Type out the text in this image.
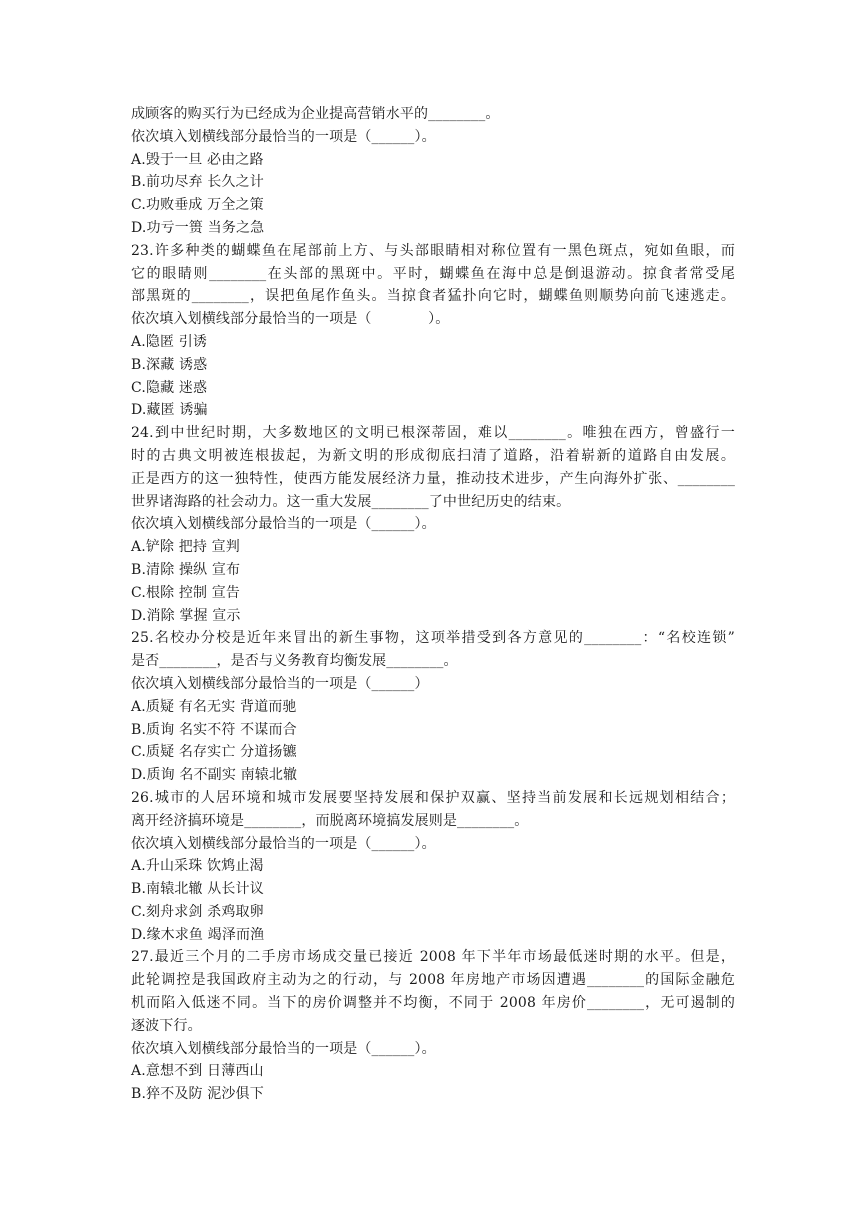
成顾客的购买行为已经成为企业提高营销水平的________。
依次填入划横线部分最恰当的一项是（______）。
A.毁于一旦 必由之路
B.前功尽弃 长久之计
C.功败垂成 万全之策
D.功亏一篑 当务之急
23.许多种类的蝴蝶鱼在尾部前上方、与头部眼睛相对称位置有一黑色斑点，宛如鱼眼，而
它的眼睛则________在头部的黑斑中。平时，蝴蝶鱼在海中总是倒退游动。掠食者常受尾
部黑斑的________，误把鱼尾作鱼头。当掠食者猛扑向它时，蝴蝶鱼则顺势向前飞速逃走。
依次填入划横线部分最恰当的一项是（　　　　）。
A.隐匿 引诱
B.深藏 诱惑
C.隐藏 迷惑
D.藏匿 诱骗
24.到中世纪时期，大多数地区的文明已根深蒂固，难以________。唯独在西方，曾盛行一
时的古典文明被连根拔起，为新文明的形成彻底扫清了道路，沿着崭新的道路自由发展。
正是西方的这一独特性，使西方能发展经济力量，推动技术进步，产生向海外扩张、________
世界诸海路的社会动力。这一重大发展________了中世纪历史的结束。
依次填入划横线部分最恰当的一项是（______）。
A.铲除 把持 宣判
B.清除 操纵 宣布
C.根除 控制 宣告
D.消除 掌握 宣示
25.名校办分校是近年来冒出的新生事物，这项举措受到各方意见的________：“名校连锁”
是否________，是否与义务教育均衡发展________。
依次填入划横线部分最恰当的一项是（______）
A.质疑 有名无实 背道而驰
B.质询 名实不符 不谋而合
C.质疑 名存实亡 分道扬镳
D.质询 名不副实 南辕北辙
26.城市的人居环境和城市发展要坚持发展和保护双赢、坚持当前发展和长远规划相结合；
离开经济搞环境是________，而脱离环境搞发展则是________。
依次填入划横线部分最恰当的一项是（______）。
A.升山采珠 饮鸩止渴
B.南辕北辙 从长计议
C.刻舟求剑 杀鸡取卵
D.缘木求鱼 竭泽而渔
27.最近三个月的二手房市场成交量已接近 2008 年下半年市场最低迷时期的水平。但是，
此轮调控是我国政府主动为之的行动，与 2008 年房地产市场因遭遇________的国际金融危
机而陷入低迷不同。当下的房价调整并不均衡，不同于 2008 年房价________，无可遏制的
逐波下行。
依次填入划横线部分最恰当的一项是（______）。
A.意想不到 日薄西山
B.猝不及防 泥沙俱下
